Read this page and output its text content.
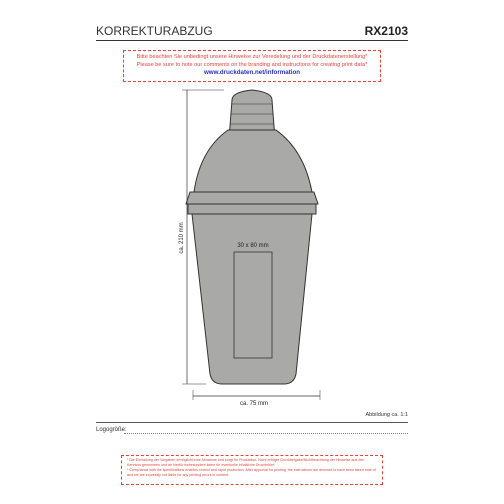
KORREKTURABZUG	RX2103
Bitte beachten Sie unbedingt unsere Hinweise zur Veredelung und der Druckdatenerstellung*
Please be sure to note our comments on the branding and instructions for creating print data*
www.druckdaten.net/information
30 x 80 mm
ca. 210 mm
ca. 75 mm
Abbildung ca. 1:1
Logogröße:
* Die Einhaltung der Vorgaben ermöglicht eine Abnahme und sorgt für Produktion. Nicht erfolgte Druckfreigabe/Nichtbeachtung der Hinweise aus den Kenntnis genommen und an hierfür insbesondere keine für eventuelle inhaltliche Druckfehler.
* Compliance with the specifications enables correct and rapid production. After approval for printing, the instructions are deemed to have been taken note of and we are expressly not liable for any printing errors in content.
